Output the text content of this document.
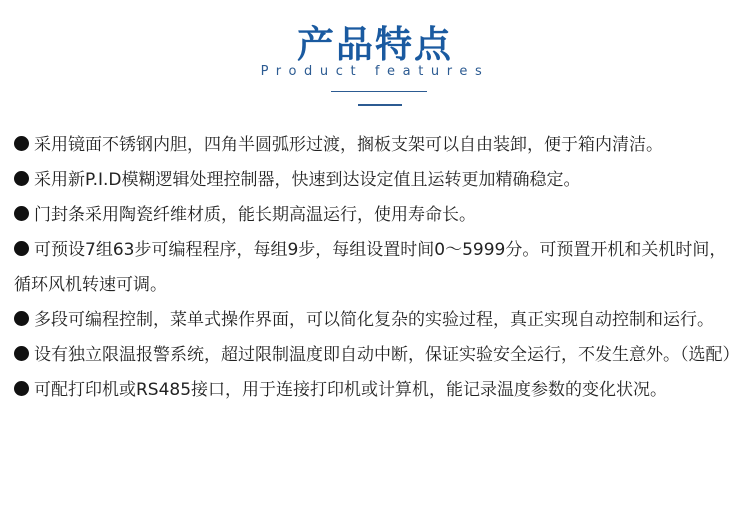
产品特点
Product features
采用镜面不锈钢内胆，四角半圆弧形过渡，搁板支架可以自由装卸，便于箱内清洁。
采用新P.I.D模糊逻辑处理控制器，快速到达设定值且运转更加精确稳定。
门封条采用陶瓷纤维材质，能长期高温运行，使用寿命长。
可预设7组63步可编程程序，每组9步，每组设置时间0～5999分。可预置开机和关机时间，循环风机转速可调。
多段可编程控制，菜单式操作界面，可以简化复杂的实验过程，真正实现自动控制和运行。
设有独立限温报警系统，超过限制温度即自动中断，保证实验安全运行，不发生意外。（选配）
可配打印机或RS485接口，用于连接打印机或计算机，能记录温度参数的变化状况。
